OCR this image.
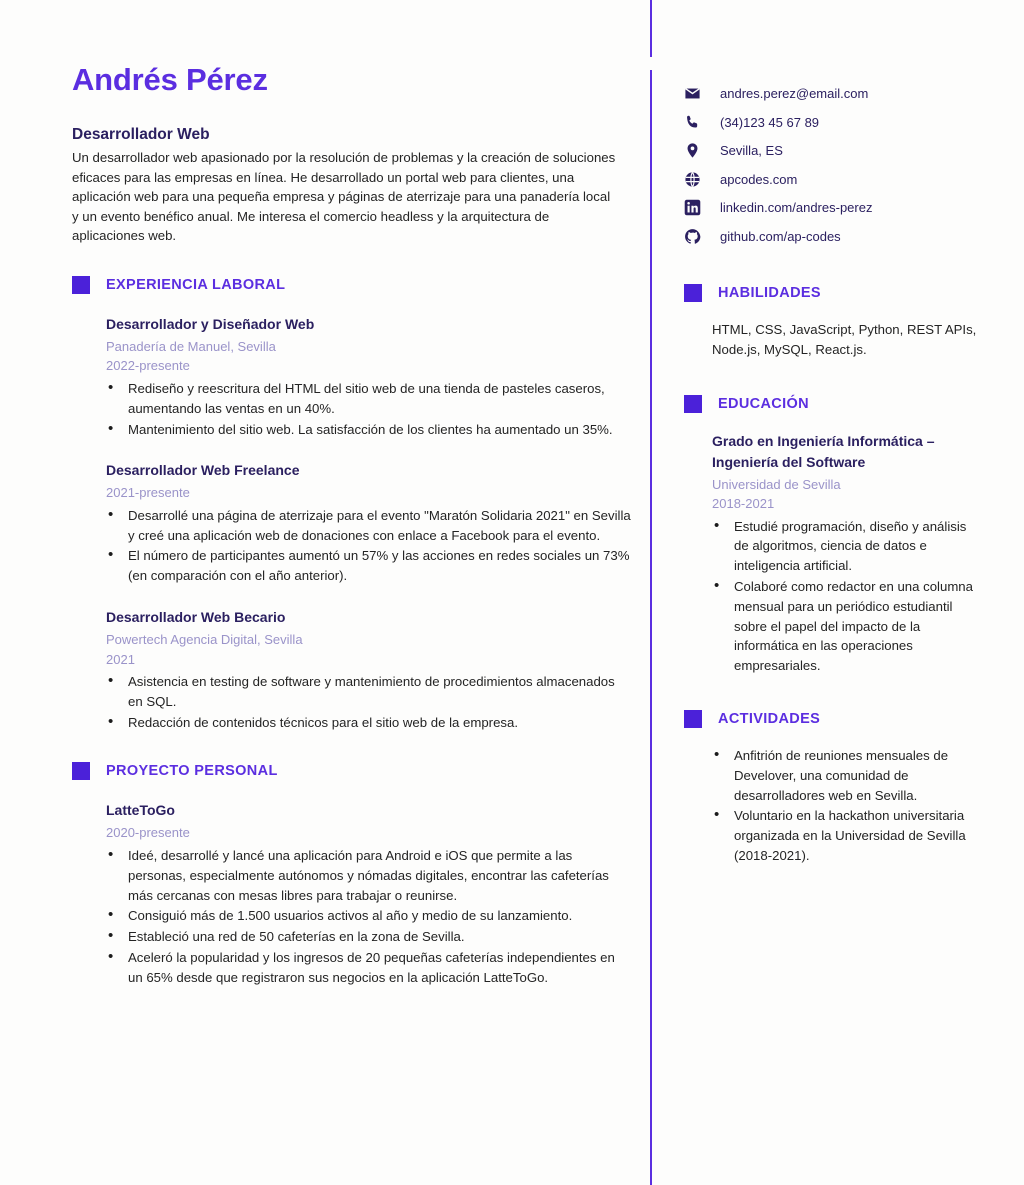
Andrés Pérez
Desarrollador Web
Un desarrollador web apasionado por la resolución de problemas y la creación de soluciones eficaces para las empresas en línea. He desarrollado un portal web para clientes, una aplicación web para una pequeña empresa y páginas de aterrizaje para una panadería local y un evento benéfico anual. Me interesa el comercio headless y la arquitectura de aplicaciones web.
EXPERIENCIA LABORAL
Desarrollador y Diseñador Web
Panadería de Manuel, Sevilla
2022-presente
• Rediseño y reescritura del HTML del sitio web de una tienda de pasteles caseros, aumentando las ventas en un 40%.
• Mantenimiento del sitio web. La satisfacción de los clientes ha aumentado un 35%.
Desarrollador Web Freelance
2021-presente
• Desarrollé una página de aterrizaje para el evento "Maratón Solidaria 2021" en Sevilla y creé una aplicación web de donaciones con enlace a Facebook para el evento.
• El número de participantes aumentó un 57% y las acciones en redes sociales un 73% (en comparación con el año anterior).
Desarrollador Web Becario
Powertech Agencia Digital, Sevilla
2021
• Asistencia en testing de software y mantenimiento de procedimientos almacenados en SQL.
• Redacción de contenidos técnicos para el sitio web de la empresa.
PROYECTO PERSONAL
LatteToGo
2020-presente
• Ideé, desarrollé y lancé una aplicación para Android e iOS que permite a las personas, especialmente autónomos y nómadas digitales, encontrar las cafeterías más cercanas con mesas libres para trabajar o reunirse.
• Consiguió más de 1.500 usuarios activos al año y medio de su lanzamiento.
• Estableció una red de 50 cafeterías en la zona de Sevilla.
• Aceleró la popularidad y los ingresos de 20 pequeñas cafeterías independientes en un 65% desde que registraron sus negocios en la aplicación LatteToGo.
andres.perez@email.com
(34)123 45 67 89
Sevilla, ES
apcodes.com
linkedin.com/andres-perez
github.com/ap-codes
HABILIDADES
HTML, CSS, JavaScript, Python, REST APIs, Node.js, MySQL, React.js.
EDUCACIÓN
Grado en Ingeniería Informática – Ingeniería del Software
Universidad de Sevilla
2018-2021
• Estudié programación, diseño y análisis de algoritmos, ciencia de datos e inteligencia artificial.
• Colaboré como redactor en una columna mensual para un periódico estudiantil sobre el papel del impacto de la informática en las operaciones empresariales.
ACTIVIDADES
• Anfitrión de reuniones mensuales de Develover, una comunidad de desarrolladores web en Sevilla.
• Voluntario en la hackathon universitaria organizada en la Universidad de Sevilla (2018-2021).
